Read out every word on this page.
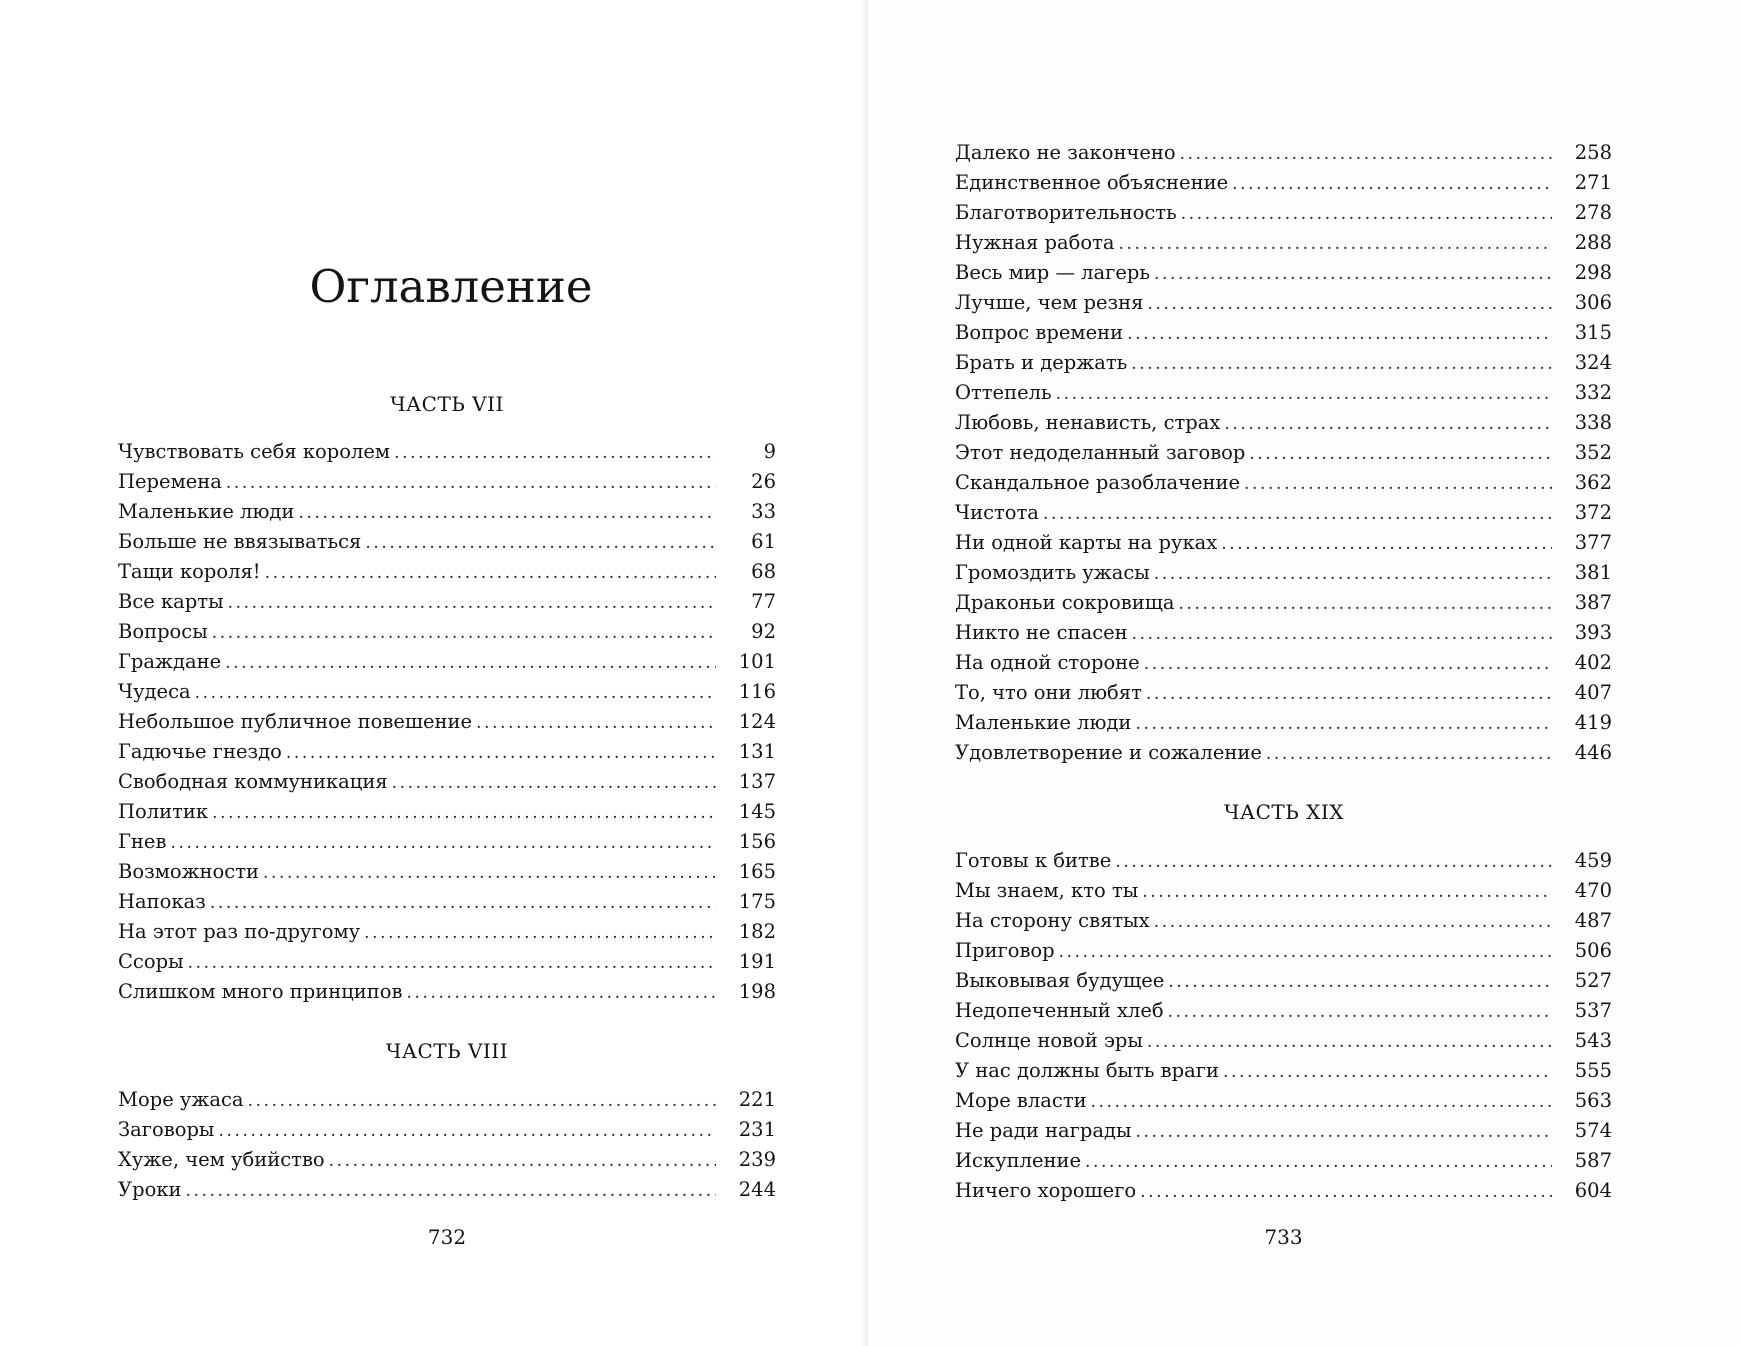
Оглавление
ЧАСТЬ VII
Чувствовать себя королем .....	9
Перемена .....	26
Маленькие люди .....	33
Больше не ввязываться .....	61
Тащи короля! .....	68
Все карты .....	77
Вопросы .....	92
Граждане .....	101
Чудеса .....	116
Небольшое публичное повешение .....	124
Гадючье гнездо .....	131
Свободная коммуникация .....	137
Политик .....	145
Гнев .....	156
Возможности .....	165
Напоказ .....	175
На этот раз по-другому .....	182
Ссоры .....	191
Слишком много принципов .....	198
ЧАСТЬ VIII
Море ужаса .....	221
Заговоры .....	231
Хуже, чем убийство .....	239
Уроки .....	244

732

Далеко не закончено .....	258
Единственное объяснение .....	271
Благотворительность .....	278
Нужная работа .....	288
Весь мир — лагерь .....	298
Лучше, чем резня .....	306
Вопрос времени .....	315
Брать и держать .....	324
Оттепель .....	332
Любовь, ненависть, страх .....	338
Этот недоделанный заговор .....	352
Скандальное разоблачение .....	362
Чистота .....	372
Ни одной карты на руках .....	377
Громоздить ужасы .....	381
Драконьи сокровища .....	387
Никто не спасен .....	393
На одной стороне .....	402
То, что они любят .....	407
Маленькие люди .....	419
Удовлетворение и сожаление .....	446
ЧАСТЬ XIX
Готовы к битве .....	459
Мы знаем, кто ты .....	470
На сторону святых .....	487
Приговор .....	506
Выковывая будущее .....	527
Недопеченный хлеб .....	537
Солнце новой эры .....	543
У нас должны быть враги .....	555
Море власти .....	563
Не ради награды .....	574
Искупление .....	587
Ничего хорошего .....	604

733
